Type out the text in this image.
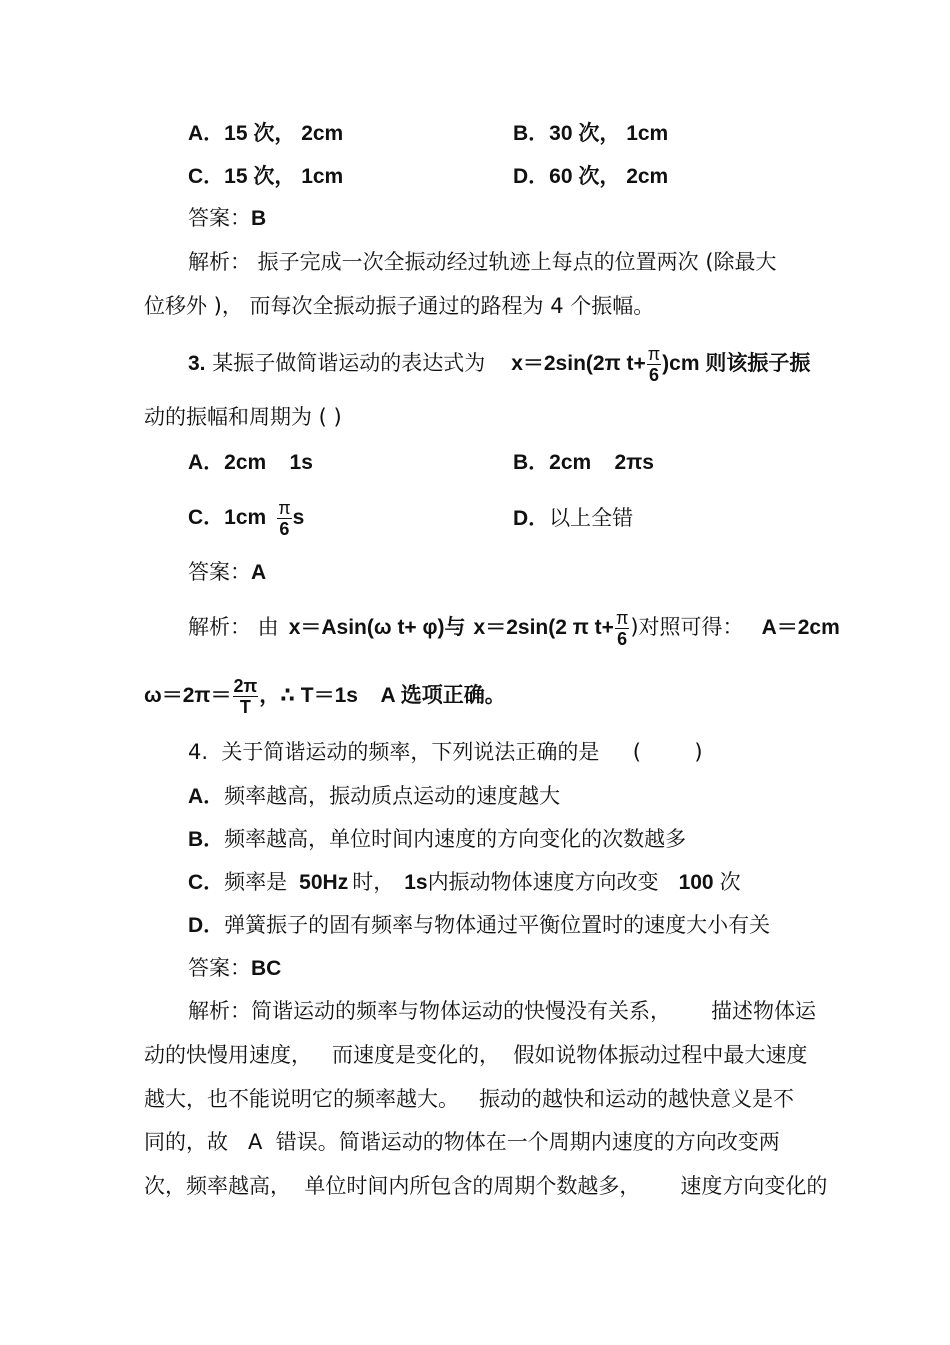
A．15 次， 2cm	B．30 次， 1cm
C．15 次， 1cm	D．60 次， 2cm
答案：B
解析： 振子完成一次全振动经过轨迹上每点的位置两次 (除最大
位移外 )， 而每次全振动振子通过的路程为 4 个振幅。
3. 某振子做简谐运动的表达式为 x＝2sin(2π $t+ \frac{\pi}{6} )cm$ 则该振子振
动的振幅和周期为 ( )
A．2cm    1s	B．2cm    2πs
C．$1cm \frac{\pi}{6}$ s	D．以上全错
答案：A
解析： 由 x＝Asin(ω t+ φ)与 x＝2sin(2 π $t+ \frac{\pi}{6}$ )对照可得： A＝2cm
$\omega=2\pi= \frac{2\pi}{T}$ ，∴ T＝1s    A 选项正确。
4.  关于简谐运动的频率，下列说法正确的是     (        )
A．频率越高，振动质点运动的速度越大
B．频率越高，单位时间内速度的方向变化的次数越多
C．频率是 50Hz 时， 1s内振动物体速度方向改变 100 次
D．弹簧振子的固有频率与物体通过平衡位置时的速度大小有关
答案：BC
解析：简谐运动的频率与物体运动的快慢没有关系，      描述物体运
动的快慢用速度，   而速度是变化的，  假如说物体振动过程中最大速度
越大，也不能说明它的频率越大。   振动的越快和运动的越快意义是不
同的，故   A  错误。简谐运动的物体在一个周期内速度的方向改变两
次，频率越高，  单位时间内所包含的周期个数越多，      速度方向变化的
